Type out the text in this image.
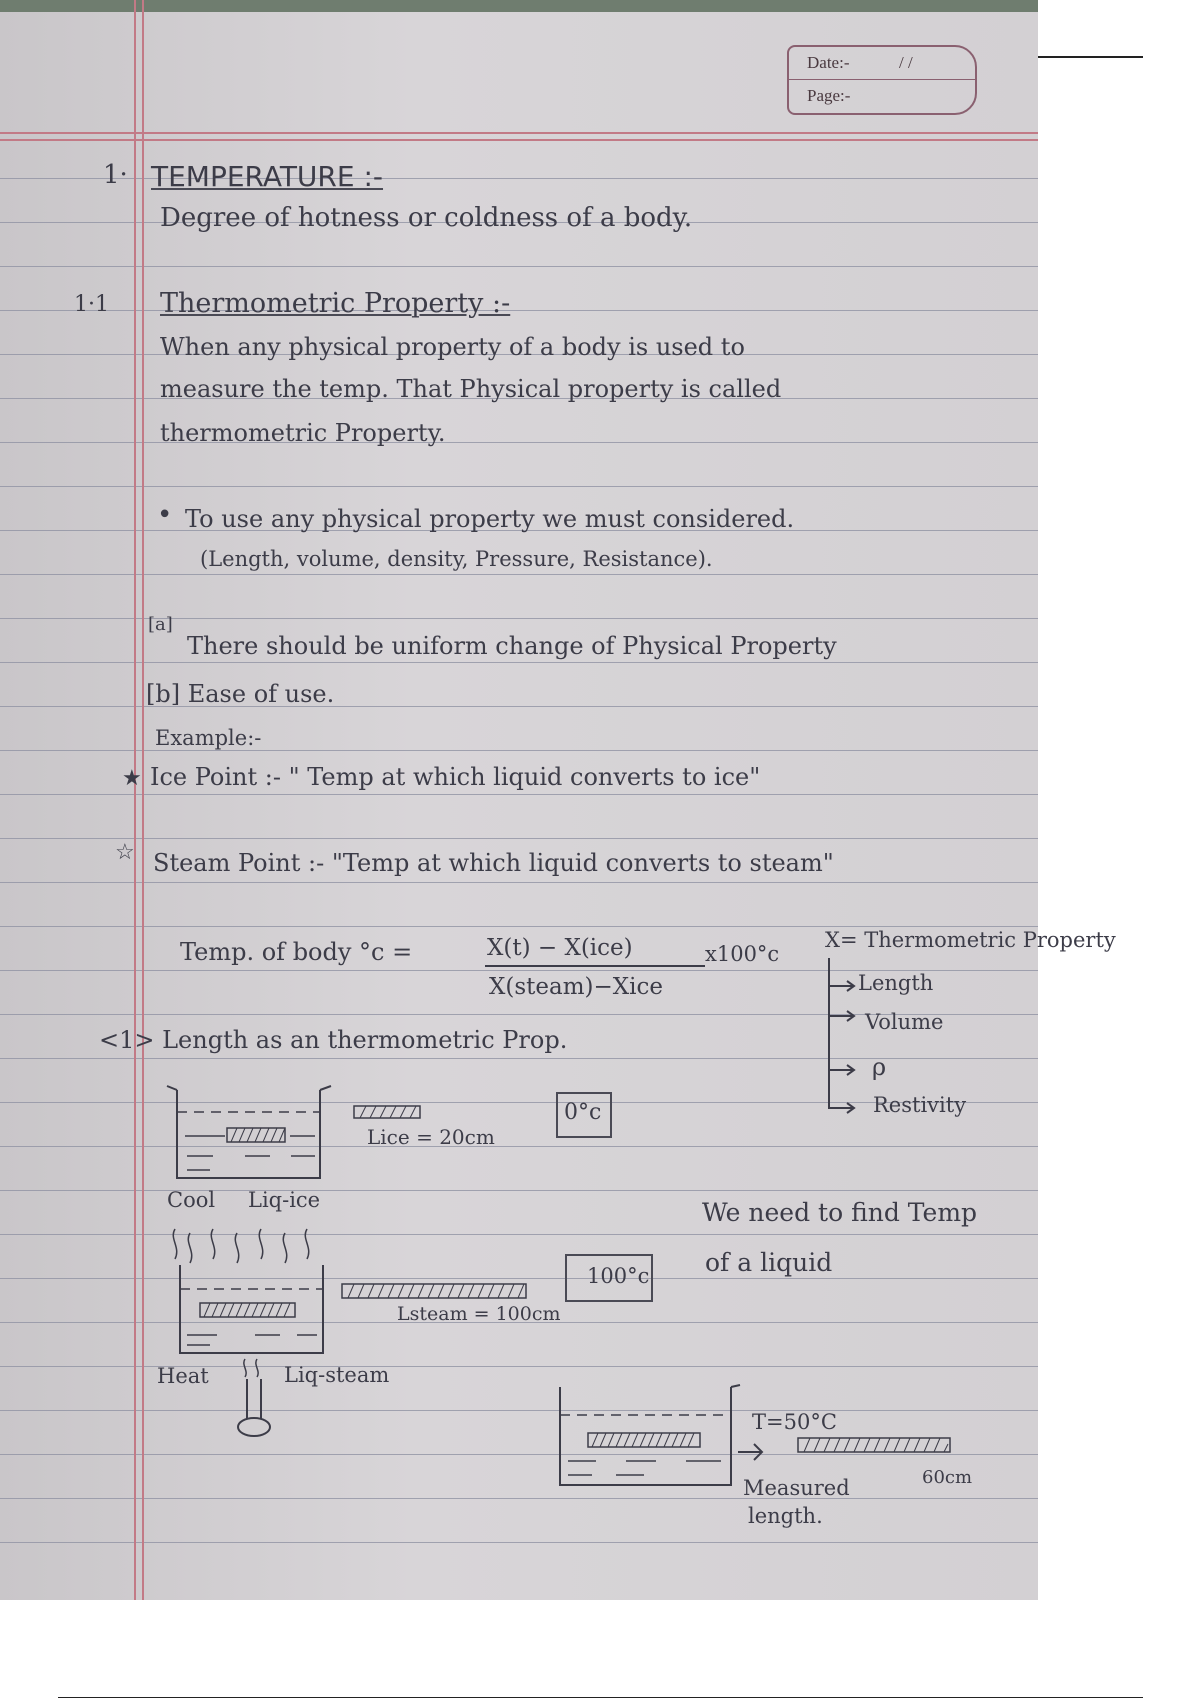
Date:-	/ /
Page:-
1· TEMPERATURE :-
Degree of hotness or coldness of a body.
1·1 Thermometric Property :-
When any physical property of a body is used to
measure the temp. That Physical property is called
thermometric Property.
• To use any physical property we must considered.
(Length, volume, density, Pressure, Resistance).
[a]
There should be uniform change of Physical Property
[b] Ease of use.
Example:-
★ Ice Point :- " Temp at which liquid converts to ice"
☆ Steam Point :- "Temp at which liquid converts to steam"
Temp. of body °c =	X(t) − X(ice)
X(steam)−Xice
x100°c
X= Thermometric Property
Length
Volume
ρ
Restivity
<1> Length as an thermometric Prop.
Lice = 20cm
0°c
Cool Liq-ice
Lsteam = 100cm
100°c
Heat	Liq-steam
We need to find Temp
of a liquid
T=50°C
Measured
length.
60cm
